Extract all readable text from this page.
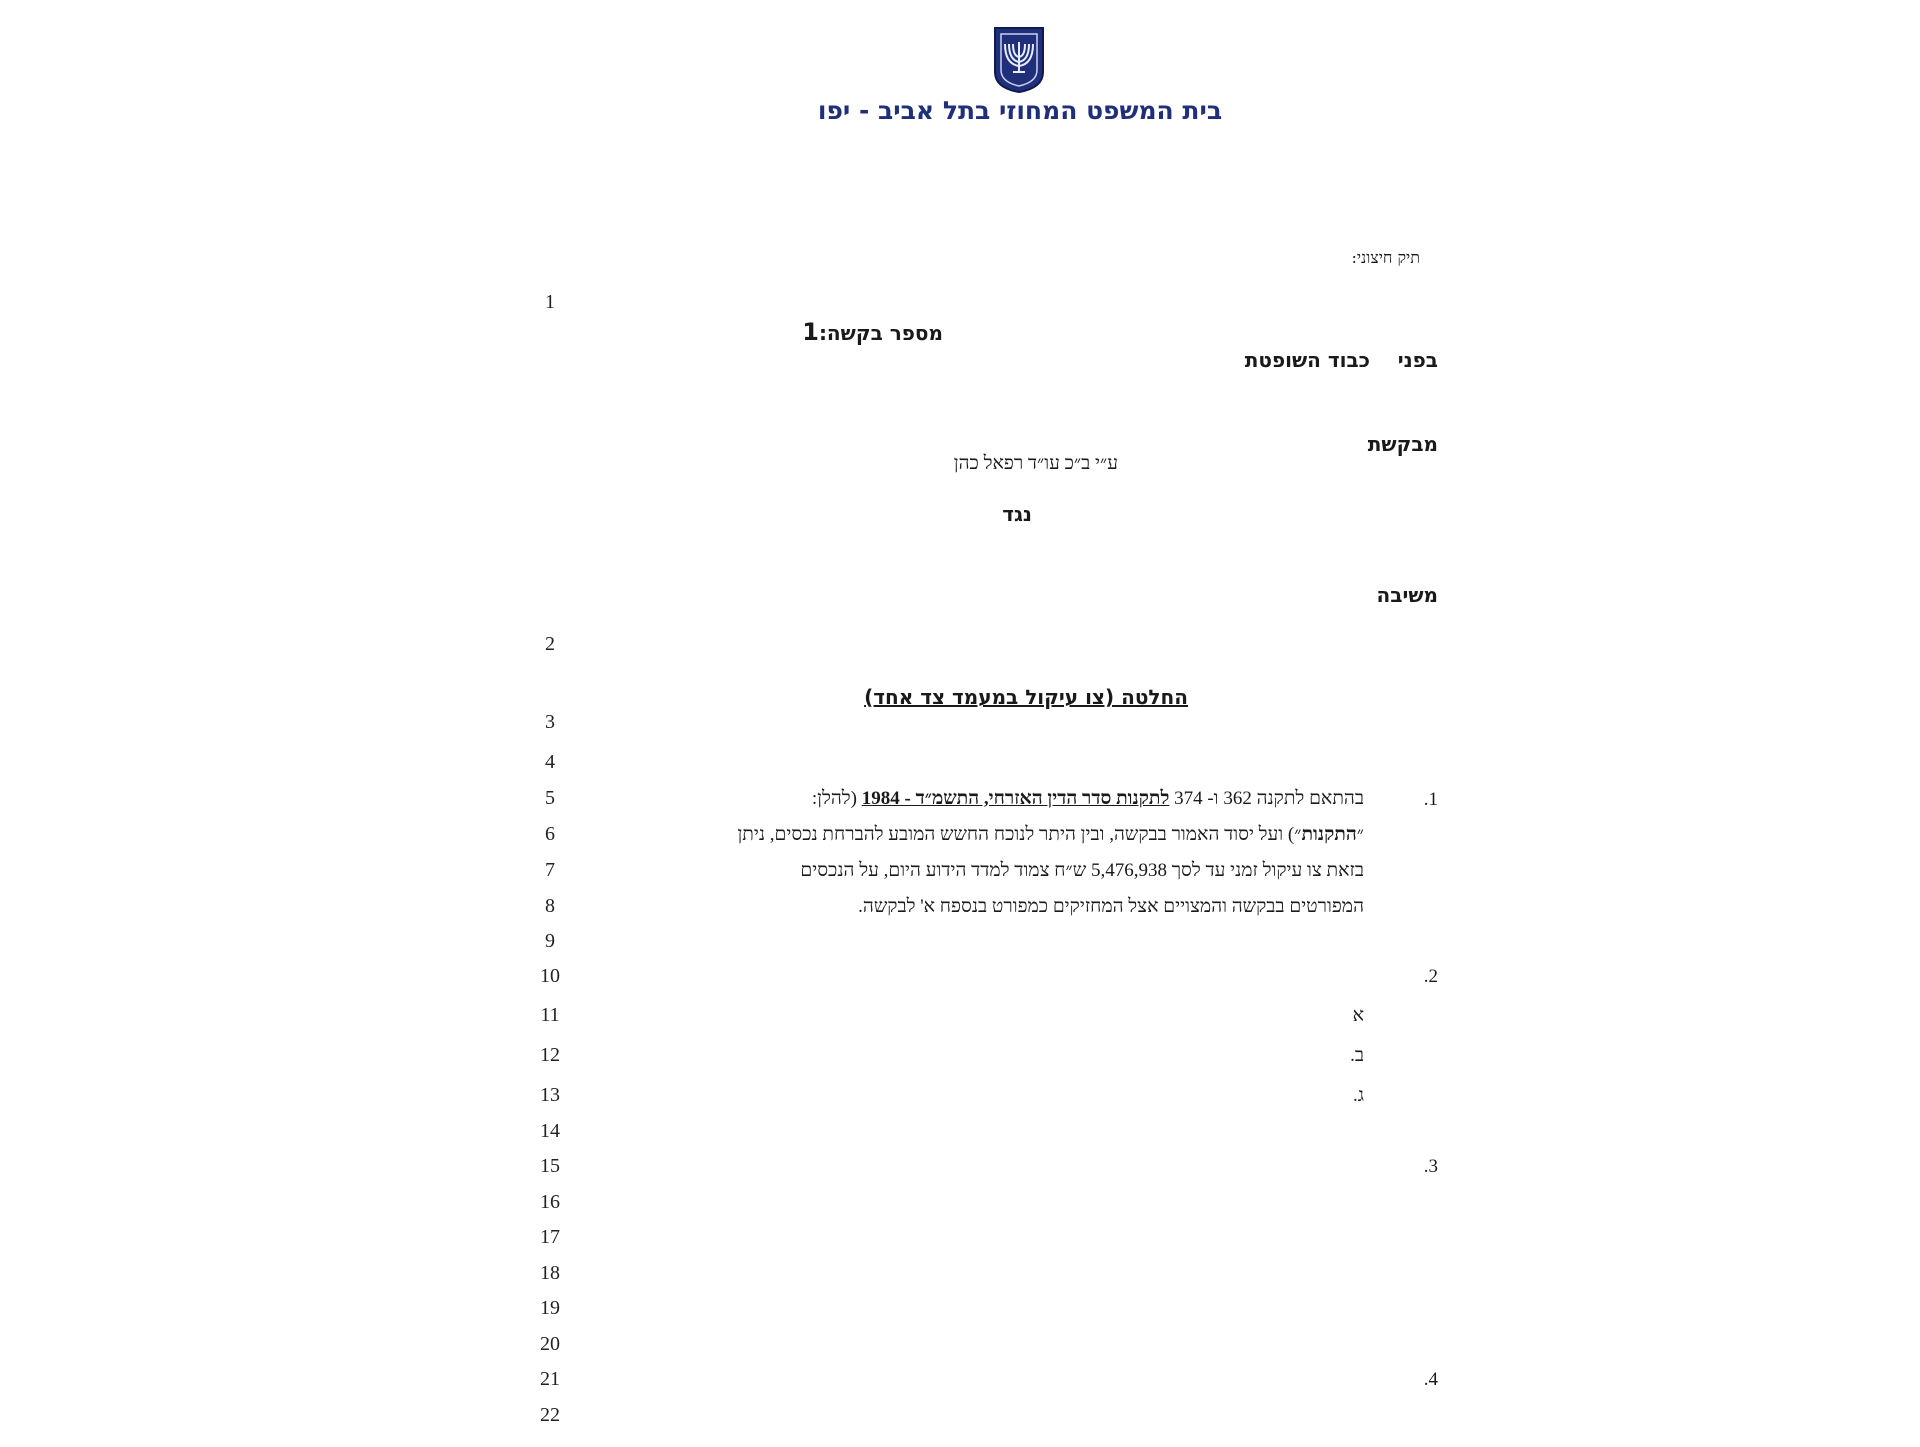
בית המשפט המחוזי בתל אביב - יפו
תיק חיצוני:
מספר בקשה:1
בפני
כבוד השופטת
מבקשת
ע״י ב״כ עו״ד רפאל כהן
נגד
משיבה
החלטה (צו עיקול במעמד צד אחד)
1.
בהתאם לתקנה 362 ו- 374 לתקנות סדר הדין האזרחי, התשמ״ד - 1984 (להלן:
״התקנות״) ועל יסוד האמור בבקשה, ובין היתר לנוכח החשש המובע להברחת נכסים, ניתן
בזאת צו עיקול זמני עד לסך 5,476,938 ש״ח צמוד למדד הידוע היום, על הנכסים
המפורטים בבקשה והמצויים אצל המחזיקים כמפורט בנספח א' לבקשה.
2.
א
ב.
ג.
3.
4.
1
2
3
4
5
6
7
8
9
10
11
12
13
14
15
16
17
18
19
20
21
22
